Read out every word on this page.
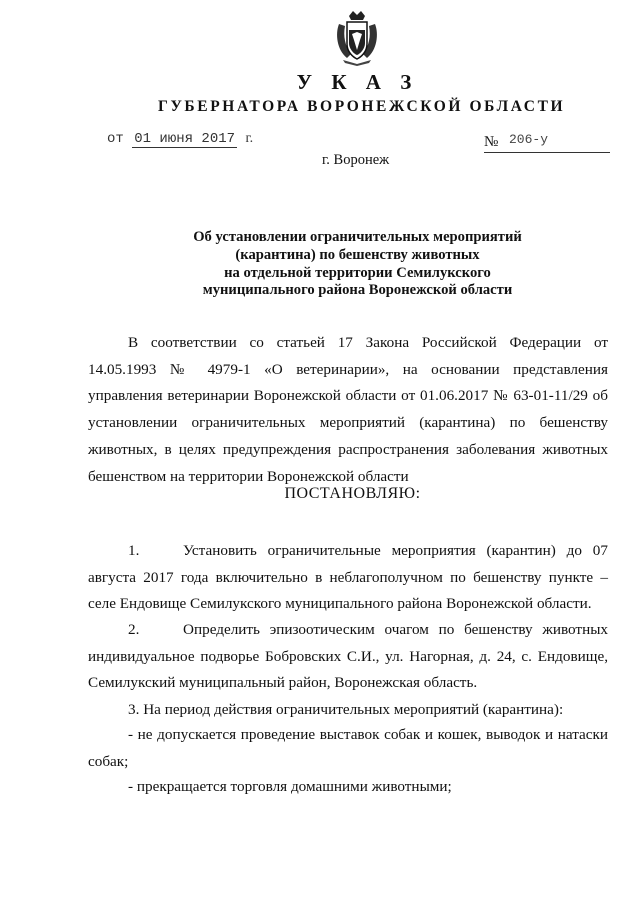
У К А З
ГУБЕРНАТОРА ВОРОНЕЖСКОЙ ОБЛАСТИ
от 01 июня 2017 г.	№ 206-у
г. Воронеж
Об установлении ограничительных мероприятий
(карантина) по бешенству животных
на отдельной территории Семилукского
муниципального района Воронежской области
В соответствии со статьей 17 Закона Российской Федерации от 14.05.1993 № 4979-1 «О ветеринарии», на основании представления управления ветеринарии Воронежской области от 01.06.2017 № 63-01-11/29 об установлении ограничительных мероприятий (карантина) по бешенству животных, в целях предупреждения распространения заболевания животных бешенством на территории Воронежской области
ПОСТАНОВЛЯЮ:
1.	Установить ограничительные мероприятия (карантин) до 07 августа 2017 года включительно в неблагополучном по бешенству пункте – селе Ендовище Семилукского муниципального района Воронежской области.
2.	Определить эпизоотическим очагом по бешенству животных индивидуальное подворье Бобровских С.И., ул. Нагорная, д. 24, с. Ендовище, Семилукский муниципальный район, Воронежская область.
3. На период действия ограничительных мероприятий (карантина):
- не допускается проведение выставок собак и кошек, выводок и натаски собак;
- прекращается торговля домашними животными;
